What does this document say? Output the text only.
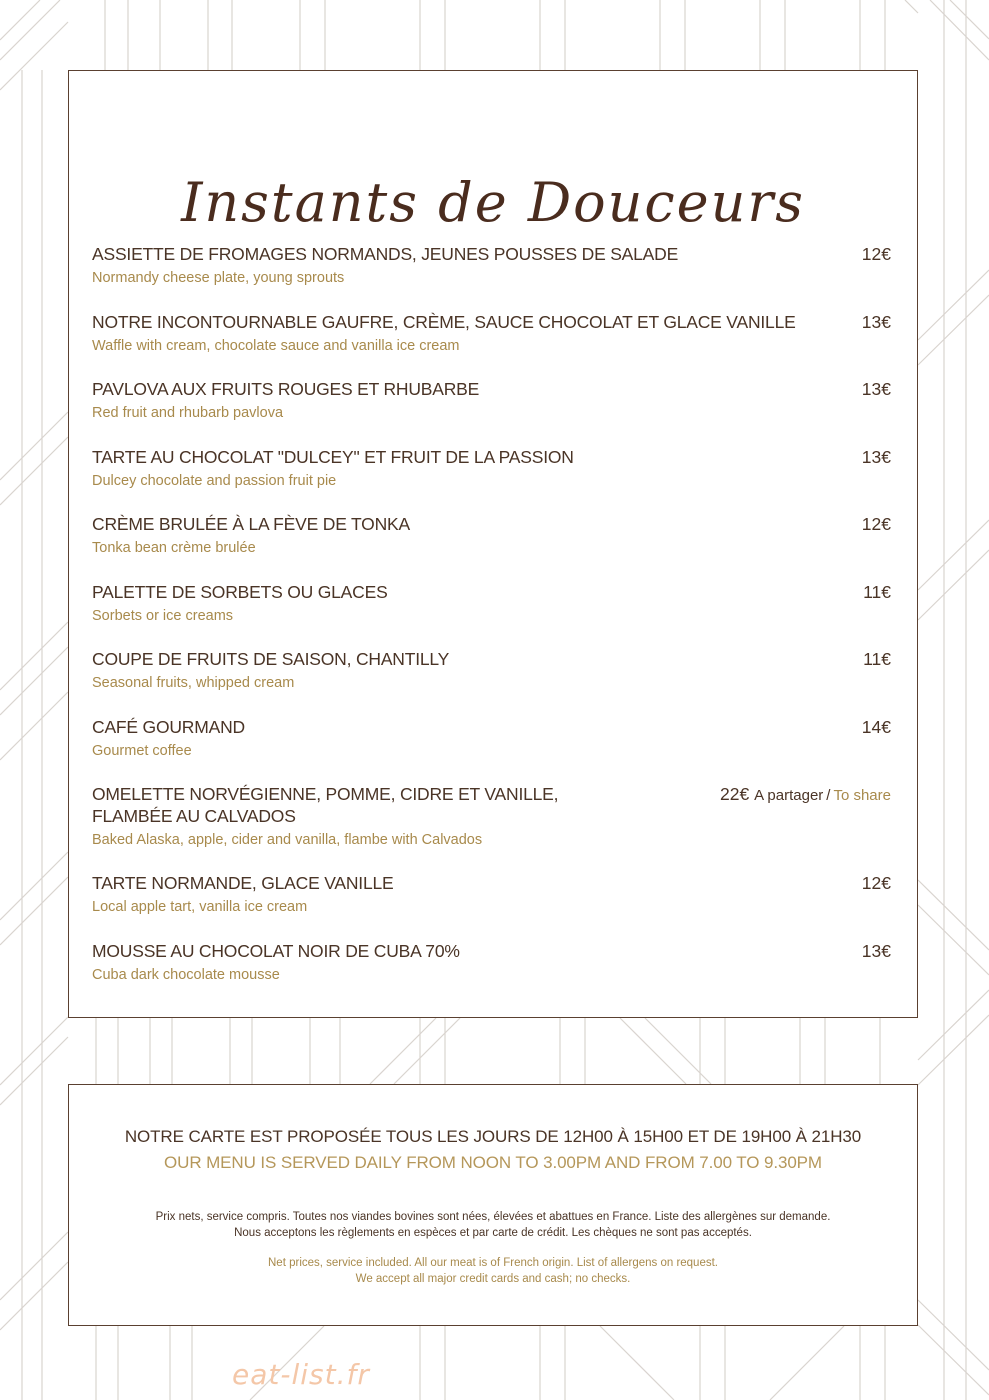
Instants de Douceurs
ASSIETTE DE FROMAGES NORMANDS, JEUNES POUSSES DE SALADE
Normandy cheese plate, young sprouts
12€
NOTRE INCONTOURNABLE GAUFRE, CRÈME, SAUCE CHOCOLAT ET GLACE VANILLE
Waffle with cream, chocolate sauce and vanilla ice cream
13€
PAVLOVA AUX FRUITS ROUGES ET RHUBARBE
Red fruit and rhubarb pavlova
13€
TARTE AU CHOCOLAT "DULCEY" ET FRUIT DE LA PASSION
Dulcey chocolate and passion fruit pie
13€
CRÈME BRULÉE À LA FÈVE DE TONKA
Tonka bean crème brulée
12€
PALETTE DE SORBETS OU GLACES
Sorbets or ice creams
11€
COUPE DE FRUITS DE SAISON, CHANTILLY
Seasonal fruits, whipped cream
11€
CAFÉ GOURMAND
Gourmet coffee
14€
OMELETTE NORVÉGIENNE, POMME, CIDRE ET VANILLE, FLAMBÉE AU CALVADOS
Baked Alaska, apple, cider and vanilla, flambe with Calvados
22€ A partager / To share
TARTE NORMANDE, GLACE VANILLE
Local apple tart, vanilla ice cream
12€
MOUSSE AU CHOCOLAT NOIR DE CUBA 70%
Cuba dark chocolate mousse
13€
NOTRE CARTE EST PROPOSÉE TOUS LES JOURS DE 12H00 À 15H00 ET DE 19H00 À 21H30
OUR MENU IS SERVED DAILY FROM NOON TO 3.00PM AND FROM 7.00 TO 9.30PM
Prix nets, service compris. Toutes nos viandes bovines sont nées, élevées et abattues en France. Liste des allergènes sur demande.
Nous acceptons les règlements en espèces et par carte de crédit. Les chèques ne sont pas acceptés.
Net prices, service included. All our meat is of French origin. List of allergens on request.
We accept all major credit cards and cash; no checks.
eat-list.fr
